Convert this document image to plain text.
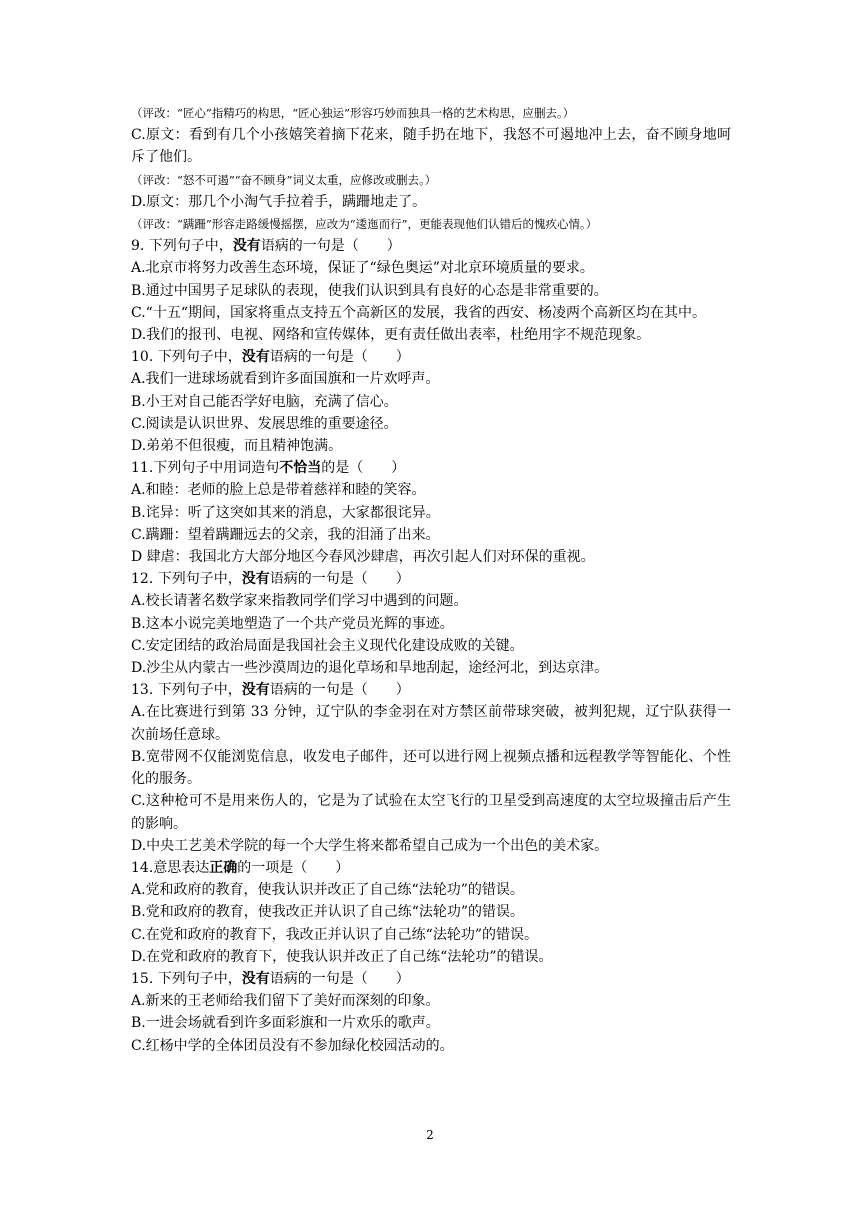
（评改：“匠心”指精巧的构思，“匠心独运”形容巧妙而独具一格的艺术构思，应删去。）

C.原文：看到有几个小孩嬉笑着摘下花来，随手扔在地下，我怒不可遏地冲上去，奋不顾身地呵斥了他们。

（评改：“怒不可遏”“奋不顾身”词义太重，应修改或删去。）

D.原文：那几个小淘气手拉着手，蹒跚地走了。

（评改：“蹒跚”形容走路缓慢摇摆，应改为“逶迤而行”，更能表现他们认错后的愧疚心情。）

9. 下列句子中，没有语病的一句是（　　）

A.北京市将努力改善生态环境，保证了“绿色奥运”对北京环境质量的要求。

B.通过中国男子足球队的表现，使我们认识到具有良好的心态是非常重要的。

C.“十五“期间，国家将重点支持五个高新区的发展，我省的西安、杨凌两个高新区均在其中。

D.我们的报刊、电视、网络和宣传媒体，更有责任做出表率，杜绝用字不规范现象。

10. 下列句子中，没有语病的一句是（　　）

A.我们一进球场就看到许多面国旗和一片欢呼声。

B.小王对自己能否学好电脑，充满了信心。

C.阅读是认识世界、发展思维的重要途径。

D.弟弟不但很瘦，而且精神饱满。

11.下列句子中用词造句不恰当的是（　　）

A.和睦：老师的脸上总是带着慈祥和睦的笑容。

B.诧异：听了这突如其来的消息，大家都很诧异。

C.蹒跚：望着蹒跚远去的父亲，我的泪涌了出来。

D 肆虐：我国北方大部分地区今春风沙肆虐，再次引起人们对环保的重视。

12. 下列句子中，没有语病的一句是（　　）

A.校长请著名数学家来指教同学们学习中遇到的问题。

B.这本小说完美地塑造了一个共产党员光辉的事迹。

C.安定团结的政治局面是我国社会主义现代化建设成败的关键。

D.沙尘从内蒙古一些沙漠周边的退化草场和旱地刮起，途经河北，到达京津。

13. 下列句子中，没有语病的一句是（　　）

A.在比赛进行到第 33 分钟，辽宁队的李金羽在对方禁区前带球突破，被判犯规，辽宁队获得一次前场任意球。

B.宽带网不仅能浏览信息，收发电子邮件，还可以进行网上视频点播和远程教学等智能化、个性化的服务。

C.这种枪可不是用来伤人的，它是为了试验在太空飞行的卫星受到高速度的太空垃圾撞击后产生的影响。

D.中央工艺美术学院的每一个大学生将来都希望自己成为一个出色的美术家。

14.意思表达正确的一项是（　　）

A.党和政府的教育，使我认识并改正了自己练“法轮功”的错误。

B.党和政府的教育，使我改正并认识了自己练“法轮功”的错误。

C.在党和政府的教育下，我改正并认识了自己练“法轮功”的错误。

D.在党和政府的教育下，使我认识并改正了自己练“法轮功”的错误。

15. 下列句子中，没有语病的一句是（　　）

A.新来的王老师给我们留下了美好而深刻的印象。

B.一进会场就看到许多面彩旗和一片欢乐的歌声。

C.红杨中学的全体团员没有不参加绿化校园活动的。

2
